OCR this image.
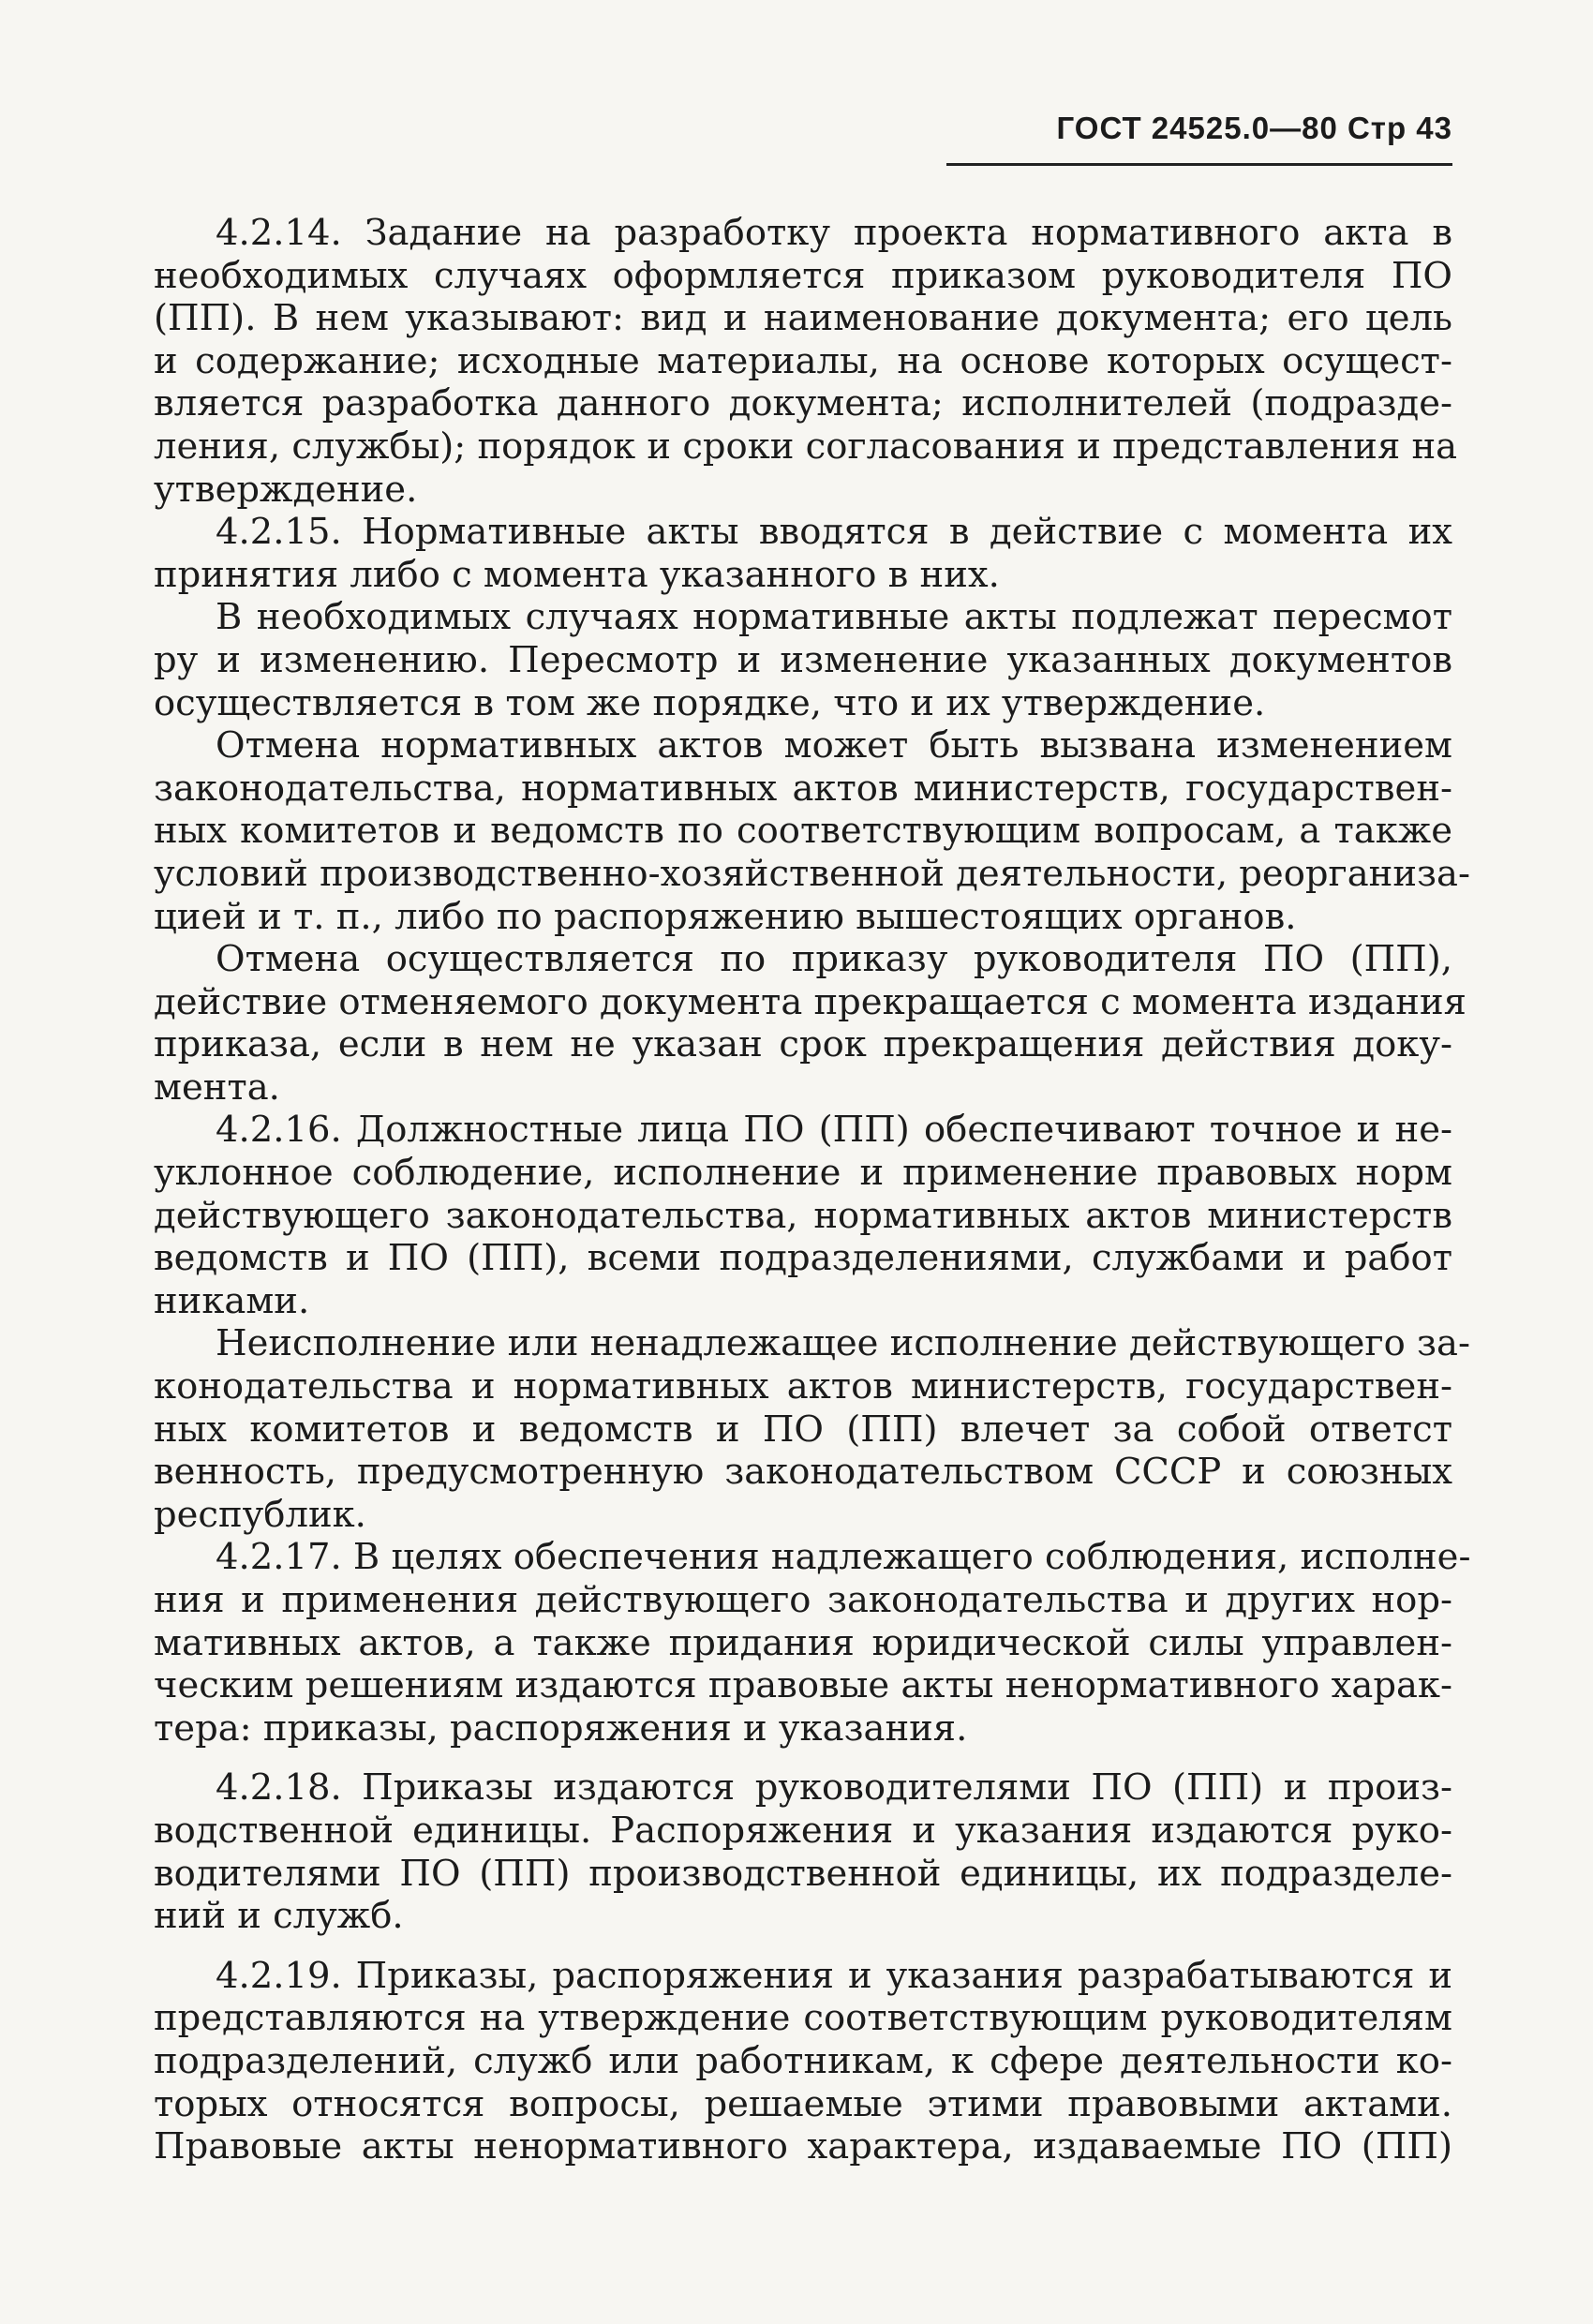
ГОСТ 24525.0—80 Стр 43
4.2.14. Задание на разработку проекта нормативного акта в
необходимых случаях оформляется приказом руководителя ПО
(ПП). В нем указывают: вид и наименование документа; его цель
и содержание; исходные материалы, на основе которых осущест-
вляется разработка данного документа; исполнителей (подразде-
ления, службы); порядок и сроки согласования и представления на
утверждение.
4.2.15. Нормативные акты вводятся в действие с момента их
принятия либо с момента указанного в них.
В необходимых случаях нормативные акты подлежат пересмот
ру и изменению. Пересмотр и изменение указанных документов
осуществляется в том же порядке, что и их утверждение.
Отмена нормативных актов может быть вызвана изменением
законодательства, нормативных актов министерств, государствен-
ных комитетов и ведомств по соответствующим вопросам, а также
условий производственно-хозяйственной деятельности, реорганиза-
цией и т. п., либо по распоряжению вышестоящих органов.
Отмена осуществляется по приказу руководителя ПО (ПП),
действие отменяемого документа прекращается с момента издания
приказа, если в нем не указан срок прекращения действия доку-
мента.
4.2.16. Должностные лица ПО (ПП) обеспечивают точное и не-
уклонное соблюдение, исполнение и применение правовых норм
действующего законодательства, нормативных актов министерств
ведомств и ПО (ПП), всеми подразделениями, службами и работ
никами.
Неисполнение или ненадлежащее исполнение действующего за-
конодательства и нормативных актов министерств, государствен-
ных комитетов и ведомств и ПО (ПП) влечет за собой ответст
венность, предусмотренную законодательством СССР и союзных
республик.
4.2.17. В целях обеспечения надлежащего соблюдения, исполне-
ния и применения действующего законодательства и других нор-
мативных актов, а также придания юридической силы управлен-
ческим решениям издаются правовые акты ненормативного харак-
тера: приказы, распоряжения и указания.
4.2.18. Приказы издаются руководителями ПО (ПП) и произ-
водственной единицы. Распоряжения и указания издаются руко-
водителями ПО (ПП) производственной единицы, их подразделе-
ний и служб.
4.2.19. Приказы, распоряжения и указания разрабатываются и
представляются на утверждение соответствующим руководителям
подразделений, служб или работникам, к сфере деятельности ко-
торых относятся вопросы, решаемые этими правовыми актами.
Правовые акты ненормативного характера, издаваемые ПО (ПП)
